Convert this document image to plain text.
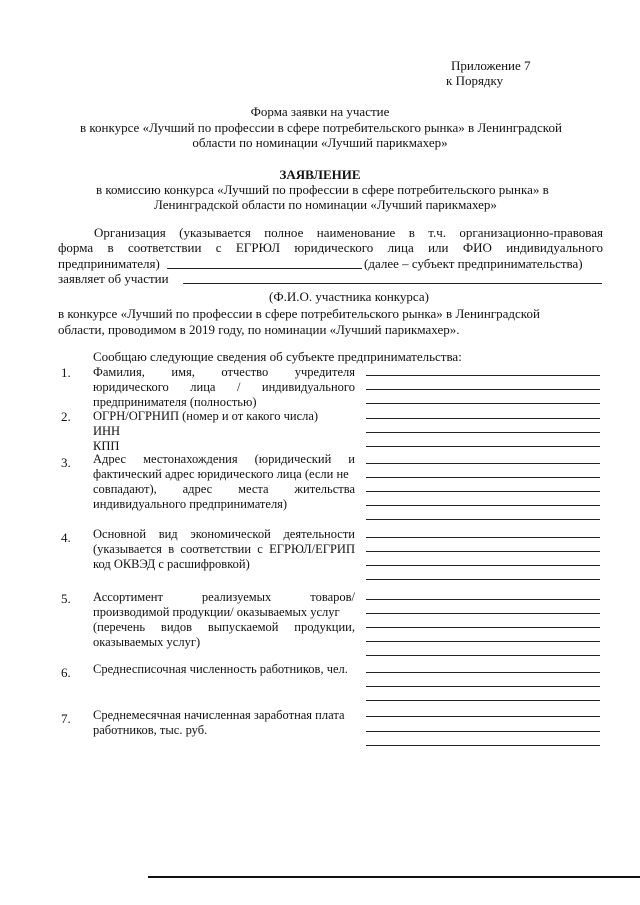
Приложение 7
к Порядку
Форма заявки на участие
в конкурсе «Лучший по профессии в сфере потребительского рынка» в Ленинградской
области по номинации «Лучший парикмахер»
ЗАЯВЛЕНИЕ
в комиссию конкурса «Лучший по профессии в сфере потребительского рынка» в
Ленинградской области по номинации «Лучший парикмахер»
Организация (указывается полное наименование в т.ч. организационно-правовая
форма в соответствии с ЕГРЮЛ юридического лица или ФИО индивидуального
предпринимателя)	(далее – субъект предпринимательства)
заявляет об участии
(Ф.И.О. участника конкурса)
в конкурсе «Лучший по профессии в сфере потребительского рынка» в Ленинградской
области, проводимом в 2019 году, по номинации «Лучший парикмахер».
Сообщаю следующие сведения об субъекте предпринимательства:
1. Фамилия, имя, отчество учредителя
юридического лица / индивидуального
предпринимателя (полностью)
2. ОГРН/ОГРНИП (номер и от какого числа)
ИНН
КПП
3. Адрес местонахождения (юридический и
фактический адрес юридического лица (если не
совпадают), адрес места жительства
индивидуального предпринимателя)
4. Основной вид экономической деятельности
(указывается в соответствии с ЕГРЮЛ/ЕГРИП
код ОКВЭД с расшифровкой)
5. Ассортимент реализуемых товаров/
производимой продукции/ оказываемых услуг
(перечень видов выпускаемой продукции,
оказываемых услуг)
6. Среднесписочная численность работников, чел.
7. Среднемесячная начисленная заработная плата
работников, тыс. руб.
